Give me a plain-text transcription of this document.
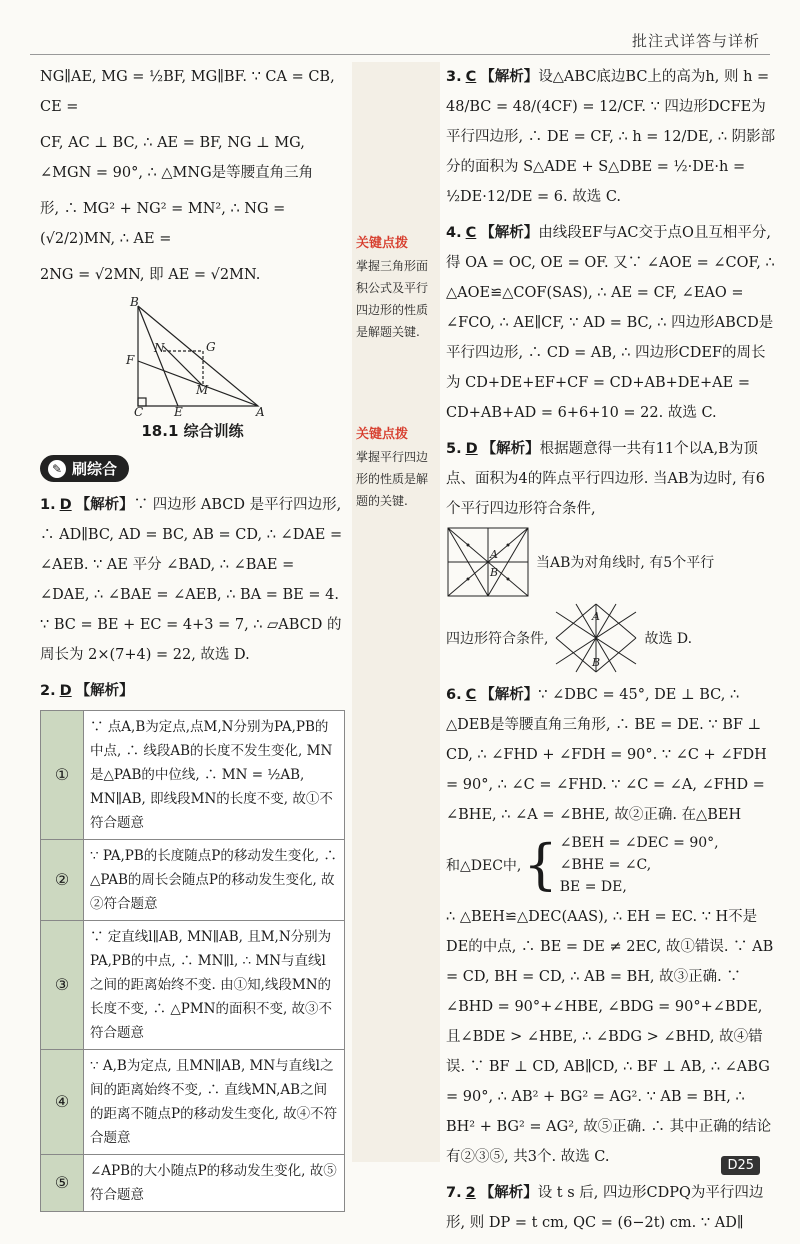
批注式详答与详析

NG∥AE, MG = ½BF, MG∥BF. ∵ CA = CB, CE =

CF, AC ⊥ BC, ∴ AE = BF, NG ⊥ MG, ∠MGN = 90°, ∴ △MNG是等腰直角三角

形, ∴ MG² + NG² = MN², ∴ NG = (√2/2)MN, ∴ AE =

2NG = √2MN, 即 AE = √2MN.

B
F
N	G
M
C	E	A
18.1 综合训练
✎ 刷综合

1. D 【解析】∵ 四边形 ABCD 是平行四边形, ∴ AD∥BC, AD = BC, AB = CD, ∴ ∠DAE = ∠AEB. ∵ AE 平分 ∠BAD, ∴ ∠BAE = ∠DAE, ∴ ∠BAE = ∠AEB, ∴ BA = BE = 4. ∵ BC = BE + EC = 4+3 = 7, ∴ ▱ABCD 的周长为 2×(7+4) = 22, 故选 D.

2. D 【解析】

①	∵ 点A,B为定点,点M,N分别为PA,PB的中点, ∴ 线段AB的长度不发生变化, MN是△PAB的中位线, ∴ MN = ½AB, MN∥AB, 即线段MN的长度不变, 故①不符合题意
②	∵ PA,PB的长度随点P的移动发生变化, ∴ △PAB的周长会随点P的移动发生变化, 故②符合题意
③	∵ 定直线l∥AB, MN∥AB, 且M,N分别为PA,PB的中点, ∴ MN∥l, ∴ MN与直线l之间的距离始终不变. 由①知,线段MN的长度不变, ∴ △PMN的面积不变, 故③不符合题意
④	∵ A,B为定点, 且MN∥AB, MN与直线l之间的距离始终不变, ∴ 直线MN,AB之间的距离不随点P的移动发生变化, 故④不符合题意
⑤	∠APB的大小随点P的移动发生变化, 故⑤符合题意
关键点拨
掌握三角形面积公式及平行四边形的性质是解题关键.
关键点拨
掌握平行四边形的性质是解题的关键.

3. C 【解析】设△ABC底边BC上的高为h, 则 h = 48/BC = 48/(4CF) = 12/CF. ∵ 四边形DCFE为平行四边形, ∴ DE = CF, ∴ h = 12/DE, ∴ 阴影部分的面积为 S△ADE + S△DBE = ½·DE·h = ½DE·12/DE = 6. 故选 C.

4. C 【解析】由线段EF与AC交于点O且互相平分, 得 OA = OC, OE = OF. 又∵ ∠AOE = ∠COF, ∴ △AOE≌△COF(SAS), ∴ AE = CF, ∠EAO = ∠FCO, ∴ AE∥CF, ∵ AD = BC, ∴ 四边形ABCD是平行四边形, ∴ CD = AB, ∴ 四边形CDEF的周长为 CD+DE+EF+CF = CD+AB+DE+AE = CD+AB+AD = 6+6+10 = 22. 故选 C.

5. D 【解析】根据题意得一共有11个以A,B为顶点、面积为4的阵点平行四边形. 当AB为边时, 有6个平行四边形符合条件,

A
B
当AB为对角线时, 有5个平行
四边形符合条件,
A
B
故选 D.

6. C 【解析】∵ ∠DBC = 45°, DE ⊥ BC, ∴ △DEB是等腰直角三角形, ∴ BE = DE. ∵ BF ⊥ CD, ∴ ∠FHD + ∠FDH = 90°. ∵ ∠C + ∠FDH = 90°, ∴ ∠C = ∠FHD. ∵ ∠C = ∠A, ∠FHD = ∠BHE, ∴ ∠A = ∠BHE, 故②正确. 在△BEH

和△DEC中, { ∠BEH = ∠DEC = 90°,
∠BHE = ∠C,
BE = DE,

∴ △BEH≌△DEC(AAS), ∴ EH = EC. ∵ H不是DE的中点, ∴ BE = DE ≠ 2EC, 故①错误. ∵ AB = CD, BH = CD, ∴ AB = BH, 故③正确. ∵ ∠BHD = 90°+∠HBE, ∠BDG = 90°+∠BDE, 且∠BDE > ∠HBE, ∴ ∠BDG > ∠BHD, 故④错误. ∵ BF ⊥ CD, AB∥CD, ∴ BF ⊥ AB, ∴ ∠ABG = 90°, ∴ AB² + BG² = AG². ∵ AB = BH, ∴ BH² + BG² = AG², 故⑤正确. ∴ 其中正确的结论有②③⑤, 共3个. 故选 C.

7. 2 【解析】设 t s 后, 四边形CDPQ为平行四边形, 则 DP = t cm, QC = (6−2t) cm. ∵ AD∥

D25
